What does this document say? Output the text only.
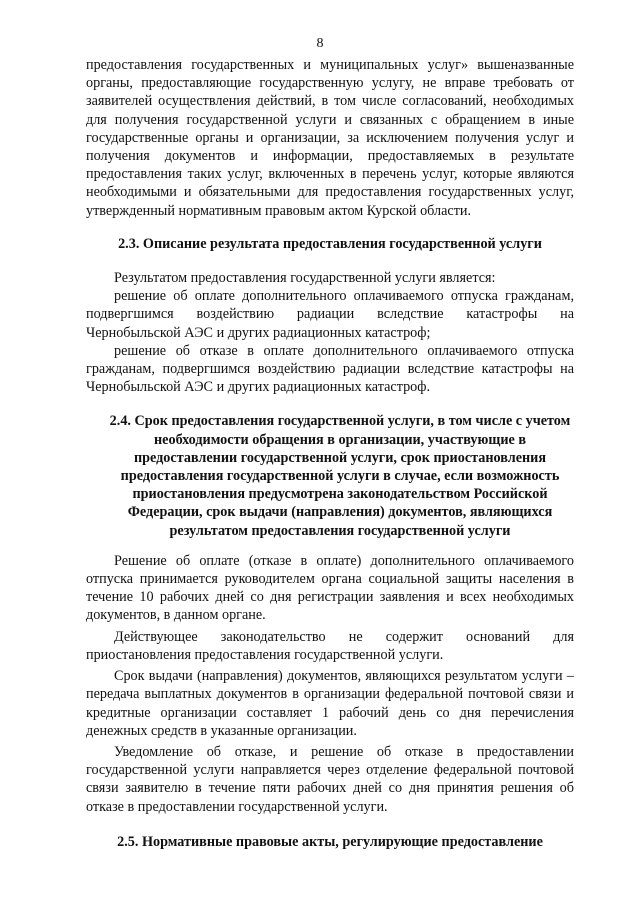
8

предоставления государственных и муниципальных услуг» вышеназванные органы, предоставляющие государственную услугу, не вправе требовать от заявителей осуществления действий, в том числе согласований, необходимых для получения государственной услуги и связанных с обращением в иные государственные органы и организации, за исключением получения услуг и получения документов и информации, предоставляемых в результате предоставления таких услуг, включенных в перечень услуг, которые являются необходимыми и обязательными для предоставления государственных услуг, утвержденный нормативным правовым актом Курской области.

2.3. Описание результата предоставления государственной услуги

Результатом предоставления государственной услуги является:

решение об оплате дополнительного оплачиваемого отпуска гражданам, подвергшимся воздействию радиации вследствие катастрофы на Чернобыльской АЭС и других радиационных катастроф;

решение об отказе в оплате дополнительного оплачиваемого отпуска гражданам, подвергшимся воздействию радиации вследствие катастрофы на Чернобыльской АЭС и других радиационных катастроф.

2.4. Срок предоставления государственной услуги, в том числе с учетом необходимости обращения в организации, участвующие в предоставлении государственной услуги, срок приостановления предоставления государственной услуги в случае, если возможность приостановления предусмотрена законодательством Российской Федерации, срок выдачи (направления) документов, являющихся результатом предоставления государственной услуги

Решение об оплате (отказе в оплате) дополнительного оплачиваемого отпуска принимается руководителем органа социальной защиты населения в течение 10 рабочих дней со дня регистрации заявления и всех необходимых документов, в данном органе.

Действующее законодательство не содержит оснований для приостановления предоставления государственной услуги.

Срок выдачи (направления) документов, являющихся результатом услуги – передача выплатных документов в организации федеральной почтовой связи и кредитные организации составляет 1 рабочий день со дня перечисления денежных средств в указанные организации.

Уведомление об отказе, и решение об отказе в предоставлении государственной услуги направляется через отделение федеральной почтовой связи заявителю в течение пяти рабочих дней со дня принятия решения об отказе в предоставлении государственной услуги.

2.5. Нормативные правовые акты, регулирующие предоставление
